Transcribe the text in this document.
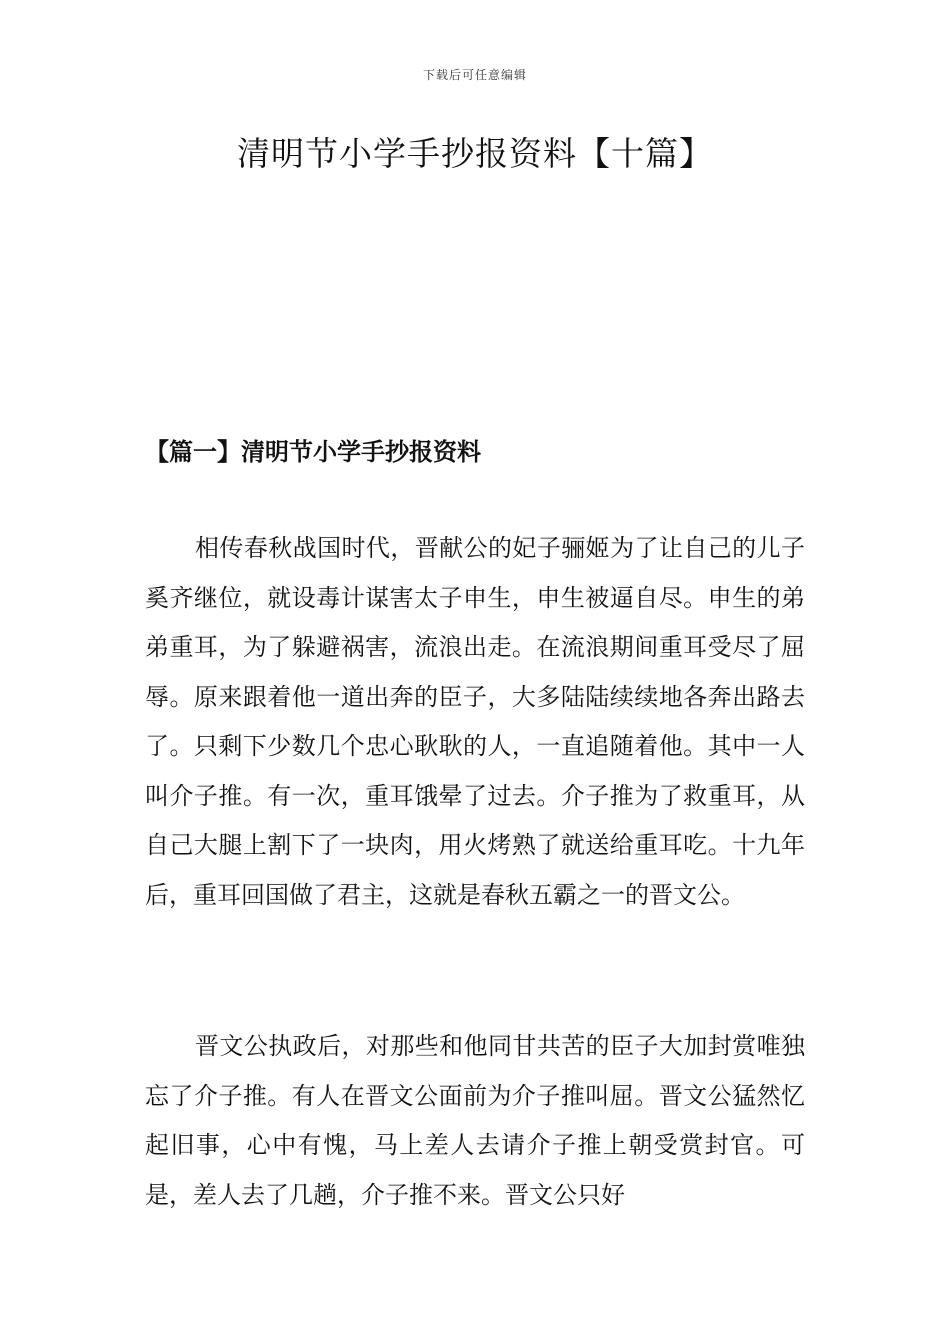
下载后可任意编辑
清明节小学手抄报资料【十篇】
【篇一】清明节小学手抄报资料

相传春秋战国时代，晋献公的妃子骊姬为了让自己的儿子奚齐继位，就设毒计谋害太子申生，申生被逼自尽。申生的弟弟重耳，为了躲避祸害，流浪出走。在流浪期间重耳受尽了屈辱。原来跟着他一道出奔的臣子，大多陆陆续续地各奔出路去了。只剩下少数几个忠心耿耿的人，一直追随着他。其中一人叫介子推。有一次，重耳饿晕了过去。介子推为了救重耳，从自己大腿上割下了一块肉，用火烤熟了就送给重耳吃。十九年后，重耳回国做了君主，这就是春秋五霸之一的晋文公。

晋文公执政后，对那些和他同甘共苦的臣子大加封赏唯独忘了介子推。有人在晋文公面前为介子推叫屈。晋文公猛然忆起旧事，心中有愧，马上差人去请介子推上朝受赏封官。可是，差人去了几趟，介子推不来。晋文公只好
